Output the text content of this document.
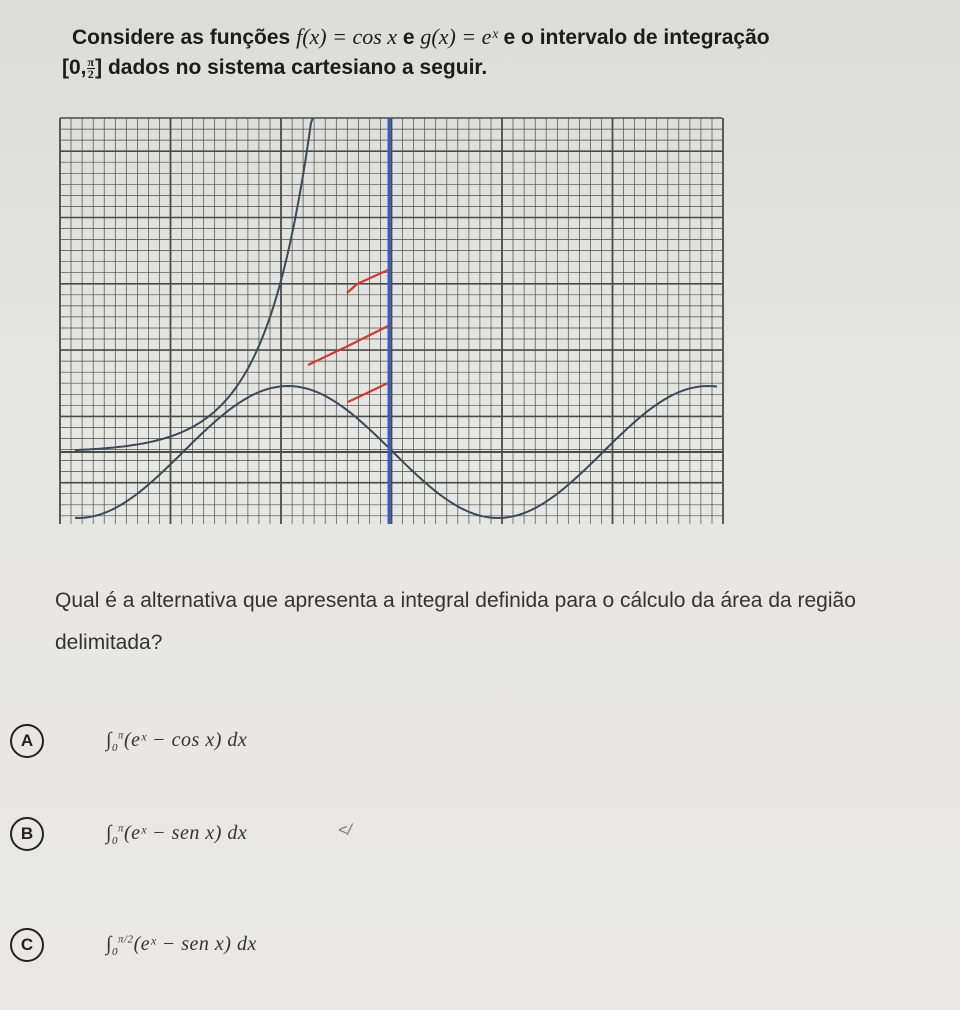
Considere as funções f(x) = cos x e g(x) = eˣ e o intervalo de integração
[0, $\frac{\pi}{2}$ ] dados no sistema cartesiano a seguir.
Qual é a alternativa que apresenta a integral definida para o cálculo da área da região delimitada?
A	$\int_0^\pi(eˣ - \cos x)$ dx
B	$\int_0^\pi(eˣ$ − sen x) dx	</
C	$\int_0^{\pi/2}(eˣ$ − sen x) dx
